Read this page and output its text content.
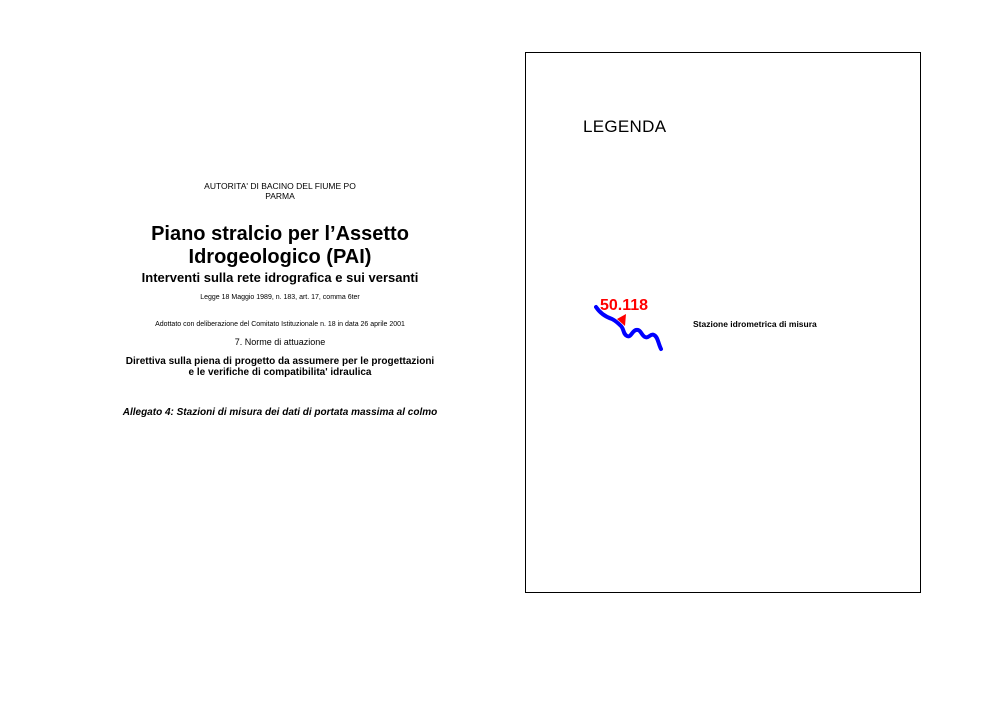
AUTORITA' DI BACINO DEL FIUME PO
PARMA
Piano stralcio per l’Assetto
Idrogeologico (PAI)
Interventi sulla rete idrografica e sui versanti
Legge 18 Maggio 1989, n. 183, art. 17, comma 6ter
Adottato con deliberazione del Comitato Istituzionale n. 18 in data 26 aprile 2001
7. Norme di attuazione
Direttiva sulla piena di progetto da assumere per le progettazioni
e le verifiche di compatibilita' idraulica
Allegato 4: Stazioni di misura dei dati di portata massima al colmo
LEGENDA
50.118
Stazione idrometrica di misura
